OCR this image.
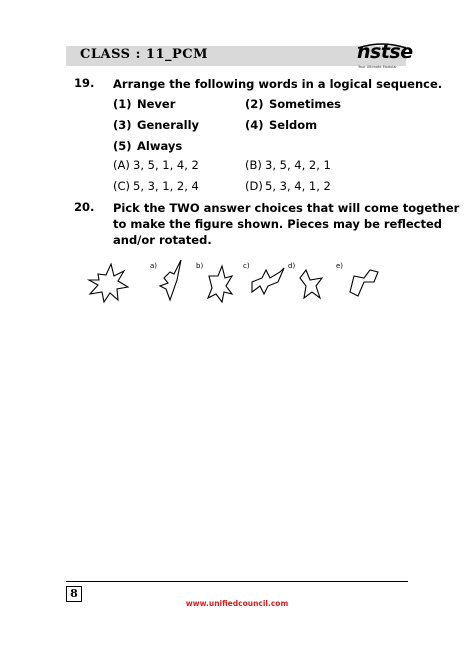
CLASS : 11_PCM	nstse
Your Ultimate Modular
19. Arrange the following words in a logical sequence.
(1) Never	(2) Sometimes
(3) Generally	(4) Seldom
(5) Always
(A) 3, 5, 1, 4, 2	(B) 3, 5, 4, 2, 1
(C) 5, 3, 1, 2, 4	(D) 5, 3, 4, 1, 2
20. Pick the TWO answer choices that will come together
to make the figure shown. Pieces may be reflected
and/or rotated.
a)	b)	c)	d)	e)
8
www.unifiedcouncil.com
